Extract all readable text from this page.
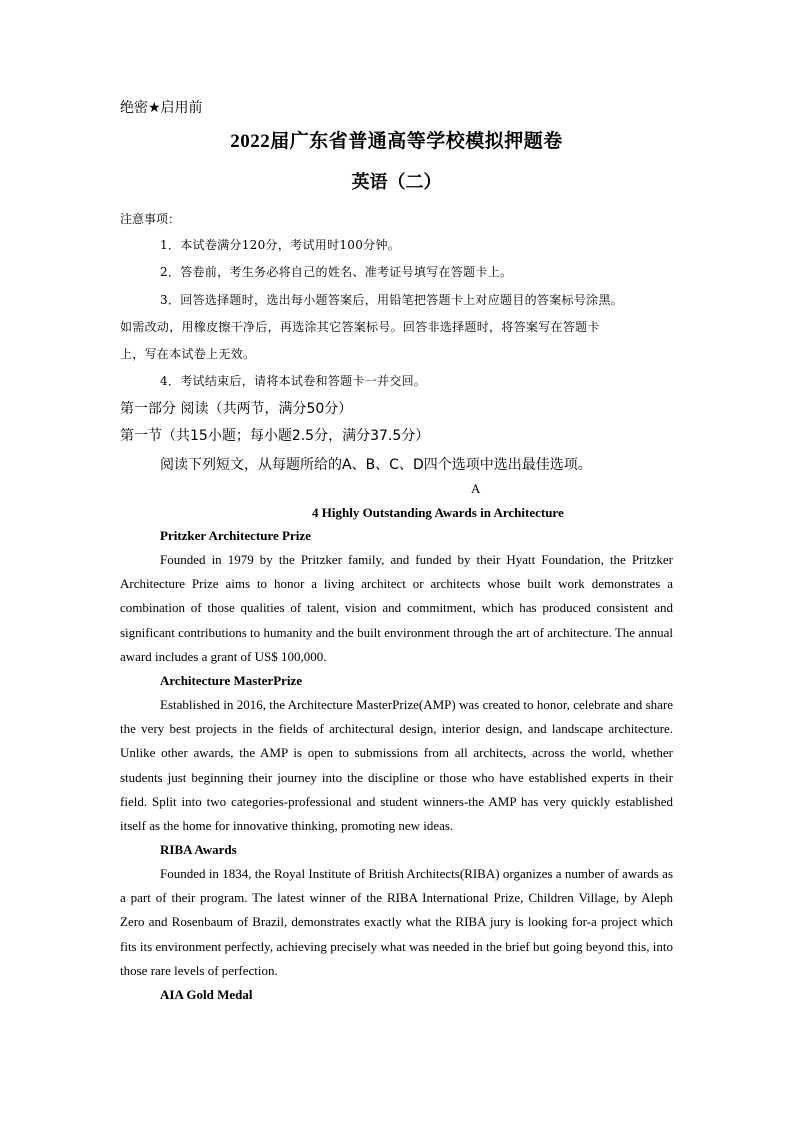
绝密★启用前
2022届广东省普通高等学校模拟押题卷
英语（二）
注意事项：
1．本试卷满分120分，考试用时100分钟。
2．答卷前，考生务必将自己的姓名、准考证号填写在答题卡上。
3．回答选择题时，选出每小题答案后，用铅笔把答题卡上对应题目的答案标号涂黑。
如需改动，用橡皮擦干净后，再选涂其它答案标号。回答非选择题时，将答案写在答题卡
上，写在本试卷上无效。
4．考试结束后，请将本试卷和答题卡一并交回。
第一部分 阅读（共两节，满分50分）
第一节（共15小题；每小题2.5分，满分37.5分）
阅读下列短文，从每题所给的A、B、C、D四个选项中选出最佳选项。
A
4 Highly Outstanding Awards in Architecture
Pritzker Architecture Prize
Founded in 1979 by the Pritzker family, and funded by their Hyatt Foundation, the Pritzker Architecture Prize aims to honor a living architect or architects whose built work demonstrates a combination of those qualities of talent, vision and commitment, which has produced consistent and significant contributions to humanity and the built environment through the art of architecture. The annual award includes a grant of US$ 100,000.
Architecture MasterPrize
Established in 2016, the Architecture MasterPrize(AMP) was created to honor, celebrate and share the very best projects in the fields of architectural design, interior design, and landscape architecture. Unlike other awards, the AMP is open to submissions from all architects, across the world, whether students just beginning their journey into the discipline or those who have established experts in their field. Split into two categories-professional and student winners-the AMP has very quickly established itself as the home for innovative thinking, promoting new ideas.
RIBA Awards
Founded in 1834, the Royal Institute of British Architects(RIBA) organizes a number of awards as a part of their program. The latest winner of the RIBA International Prize, Children Village, by Aleph Zero and Rosenbaum of Brazil, demonstrates exactly what the RIBA jury is looking for-a project which fits its environment perfectly, achieving precisely what was needed in the brief but going beyond this, into those rare levels of perfection.
AIA Gold Medal
